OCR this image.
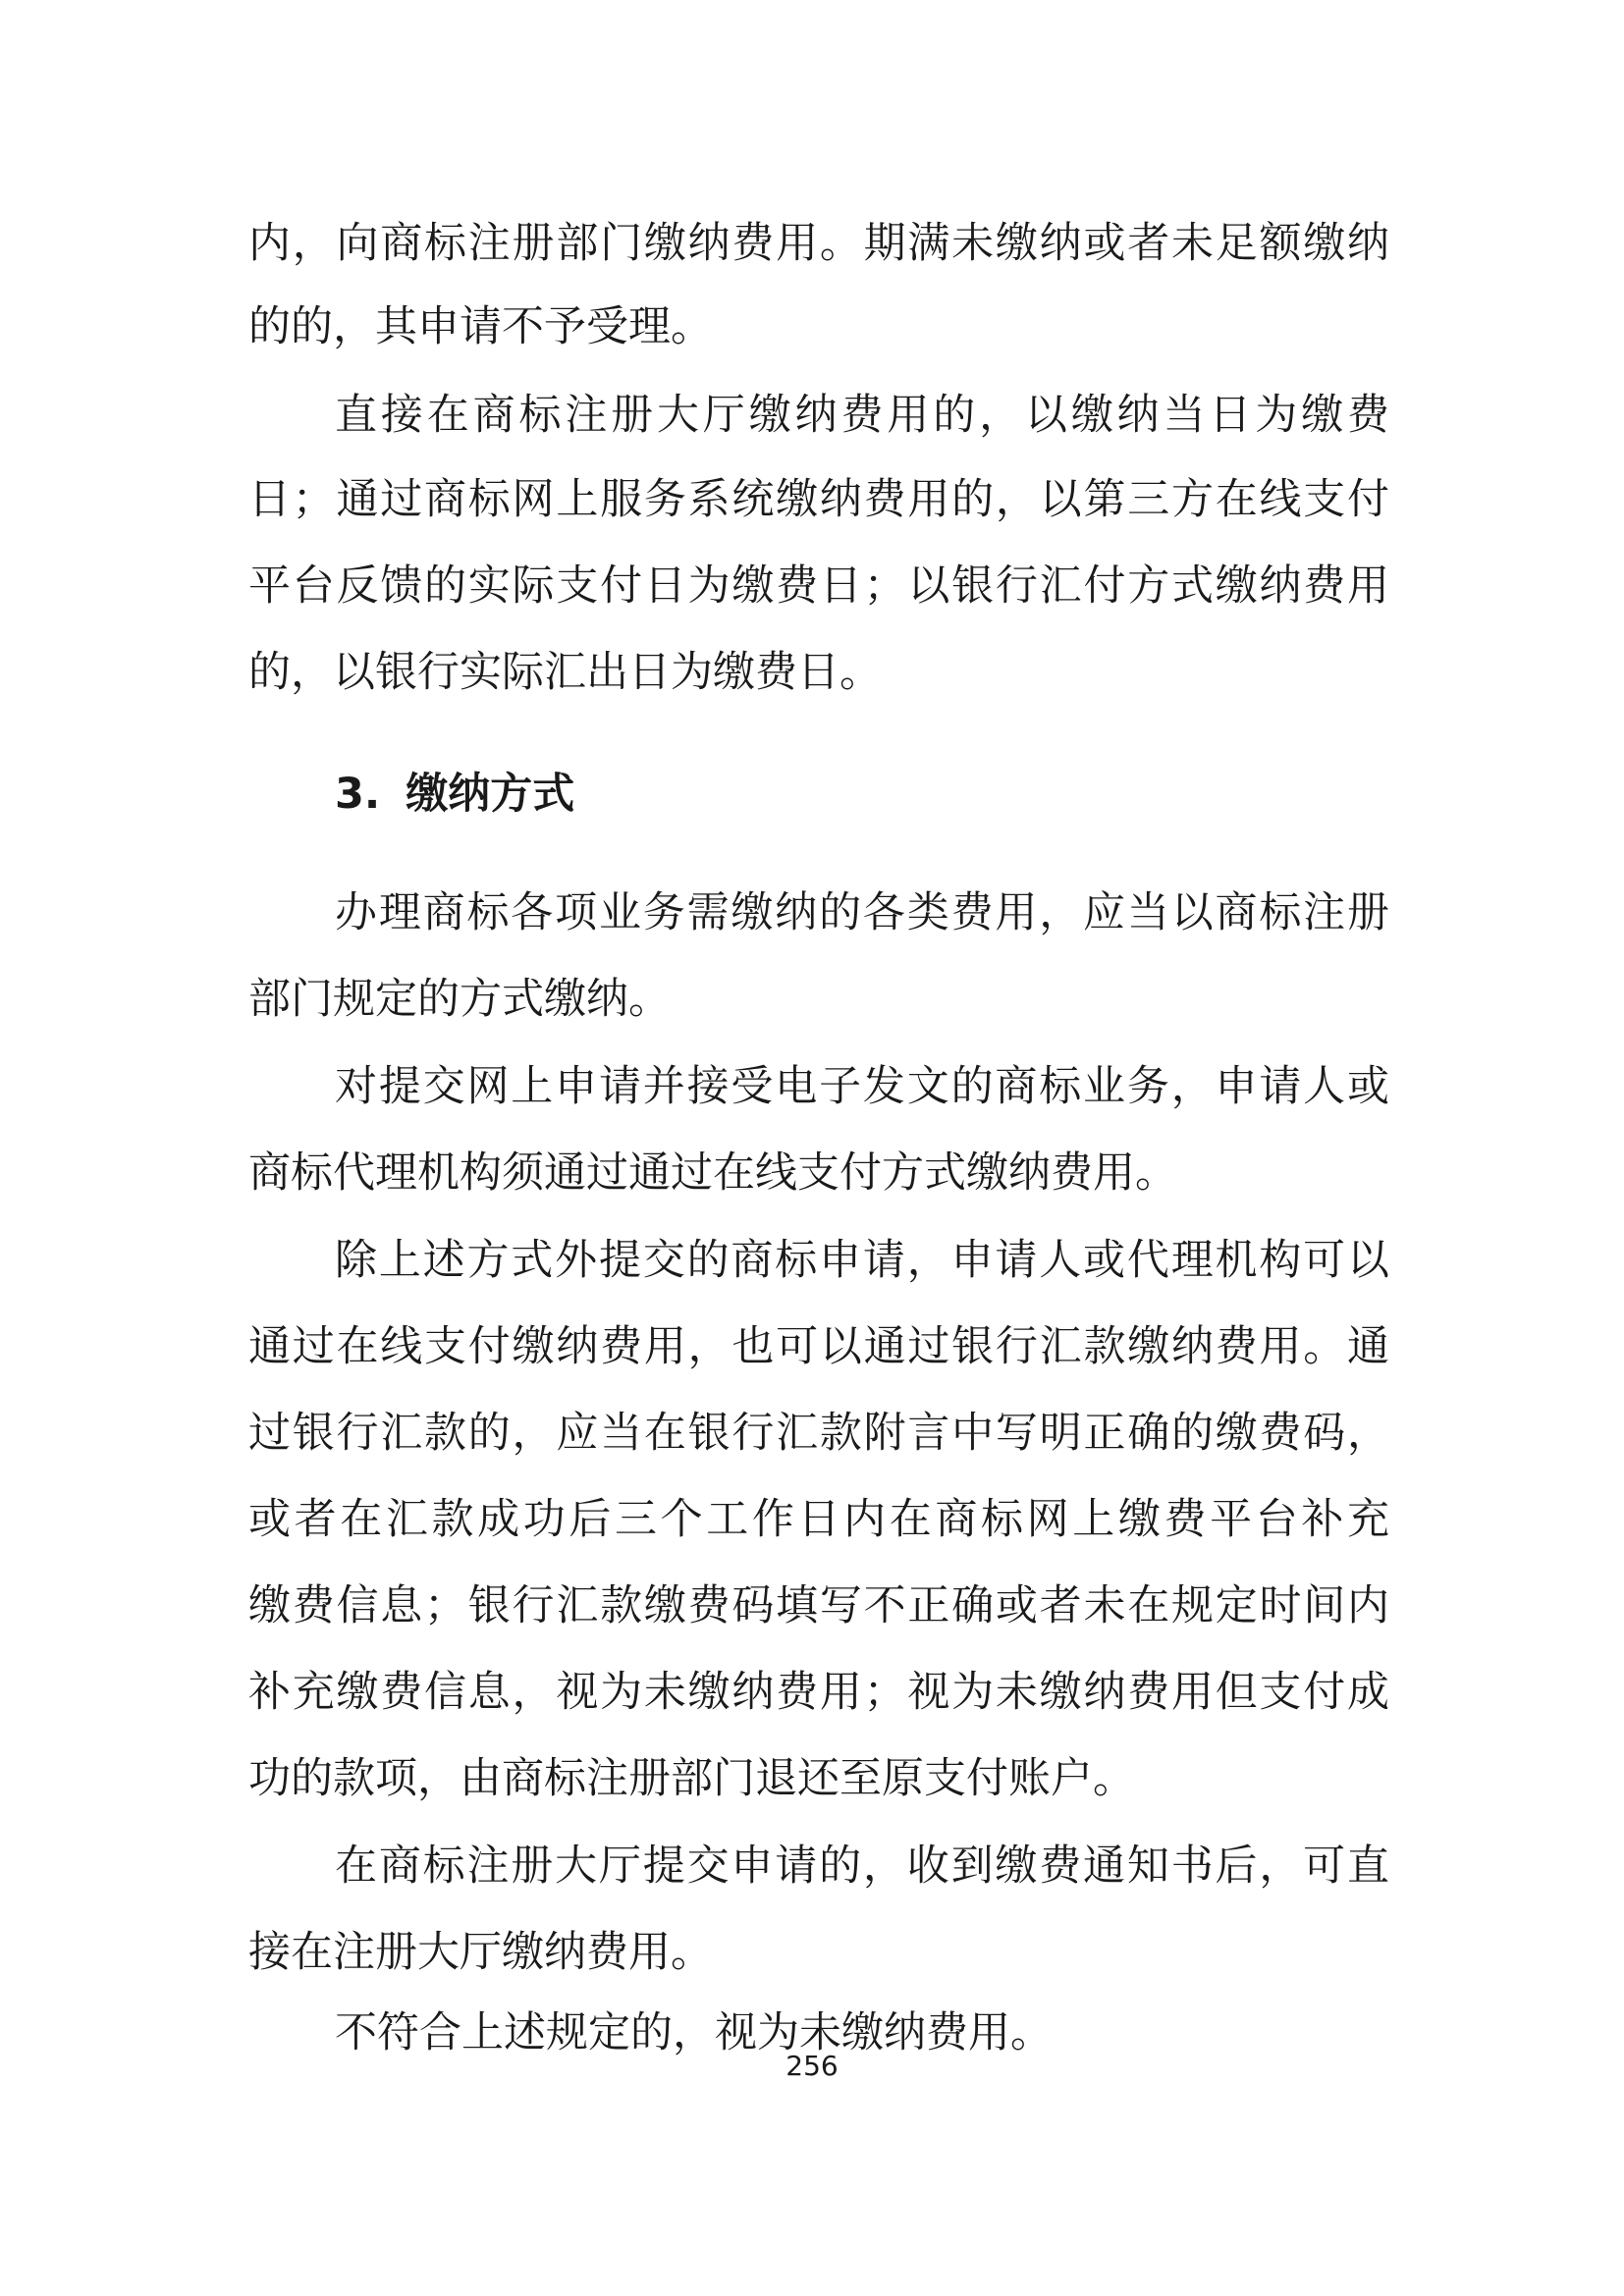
内，向商标注册部门缴纳费用。期满未缴纳或者未足额缴纳
的的，其申请不予受理。
直接在商标注册大厅缴纳费用的，以缴纳当日为缴费
日；通过商标网上服务系统缴纳费用的，以第三方在线支付
平台反馈的实际支付日为缴费日；以银行汇付方式缴纳费用
的，以银行实际汇出日为缴费日。
3. 缴纳方式
办理商标各项业务需缴纳的各类费用，应当以商标注册
部门规定的方式缴纳。
对提交网上申请并接受电子发文的商标业务，申请人或
商标代理机构须通过通过在线支付方式缴纳费用。
除上述方式外提交的商标申请，申请人或代理机构可以
通过在线支付缴纳费用，也可以通过银行汇款缴纳费用。通
过银行汇款的，应当在银行汇款附言中写明正确的缴费码，
或者在汇款成功后三个工作日内在商标网上缴费平台补充
缴费信息；银行汇款缴费码填写不正确或者未在规定时间内
补充缴费信息，视为未缴纳费用；视为未缴纳费用但支付成
功的款项，由商标注册部门退还至原支付账户。
在商标注册大厅提交申请的，收到缴费通知书后，可直
接在注册大厅缴纳费用。
不符合上述规定的，视为未缴纳费用。
256
